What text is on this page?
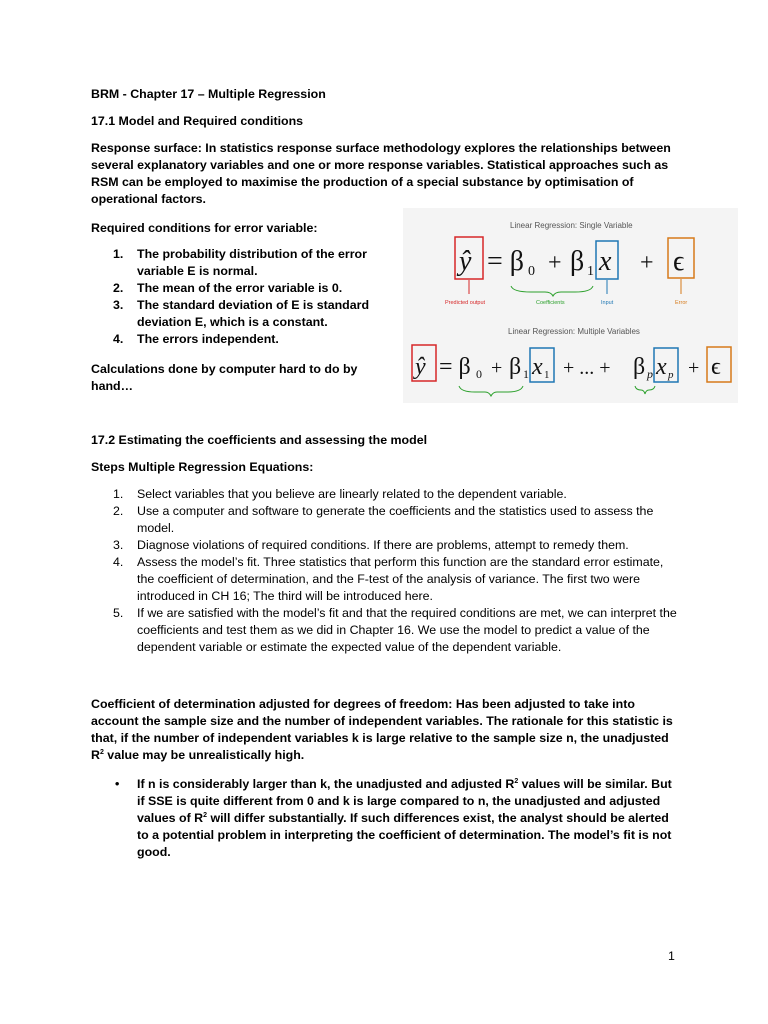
BRM - Chapter 17 – Multiple Regression

17.1 Model and Required conditions

Response surface: In statistics response surface methodology explores the relationships between several explanatory variables and one or more response variables. Statistical approaches such as RSM can be employed to maximise the production of a special substance by optimisation of operational factors.

Required conditions for error variable:

1. The probability distribution of the error variable E is normal.
2. The mean of the error variable is 0.
3. The standard deviation of E is standard deviation E, which is a constant.
4. The errors independent.

Calculations done by computer hard to do by hand…

Linear Regression: Single Variable
ŷ = β 0 + β 1 x + ϵ
Predicted output	Coefficients	Input	Error
Linear Regression: Multiple Variables
ŷ = β 0 + β 1 x 1 + ... + β p x p + ϵ

17.2 Estimating the coefficients and assessing the model

Steps Multiple Regression Equations:

1. Select variables that you believe are linearly related to the dependent variable.
2. Use a computer and software to generate the coefficients and the statistics used to assess the model.
3. Diagnose violations of required conditions. If there are problems, attempt to remedy them.
4. Assess the model’s fit. Three statistics that perform this function are the standard error estimate, the coefficient of determination, and the F-test of the analysis of variance. The first two were introduced in CH 16; The third will be introduced here.
5. If we are satisfied with the model’s fit and that the required conditions are met, we can interpret the coefficients and test them as we did in Chapter 16. We use the model to predict a value of the dependent variable or estimate the expected value of the dependent variable.

Coefficient of determination adjusted for degrees of freedom: Has been adjusted to take into account the sample size and the number of independent variables. The rationale for this statistic is that, if the number of independent variables k is large relative to the sample size n, the unadjusted $R^2$ value may be unrealistically high.

• If n is considerably larger than k, the unadjusted and adjusted $R^2$ values will be similar. But if SSE is quite different from 0 and k is large compared to n, the unadjusted and adjusted values of $R^2$ will differ substantially. If such differences exist, the analyst should be alerted to a potential problem in interpreting the coefficient of determination. The model’s fit is not good.

1
